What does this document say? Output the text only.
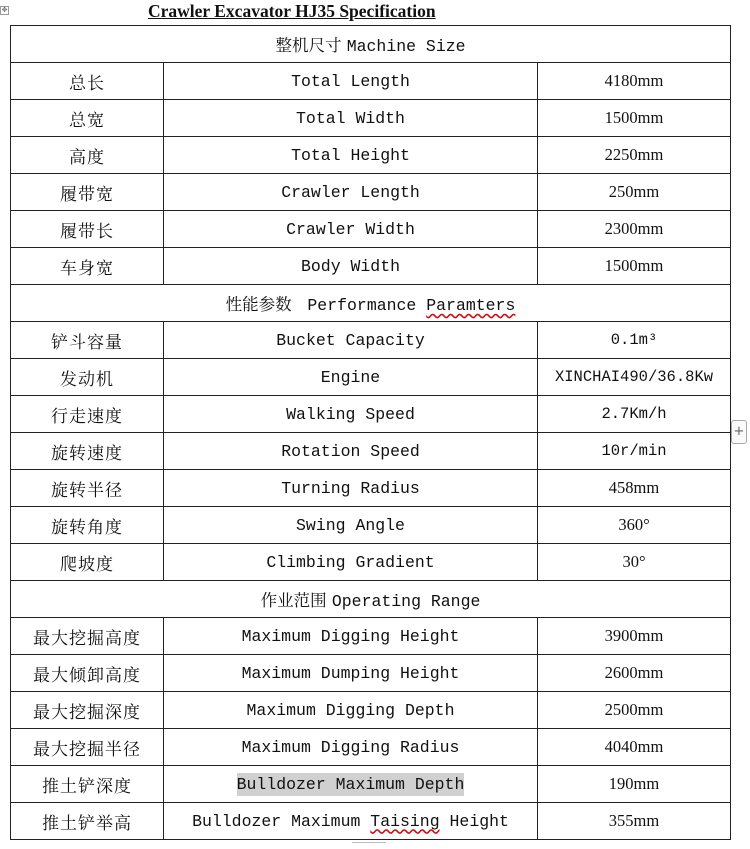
✥	Crawler Excavator HJ35 Specification
整机尺寸 Machine Size		
总长	Total Length	4180mm
总宽	Total Width	1500mm
高度	Total Height	2250mm
履带宽	Crawler Length	250mm
履带长	Crawler Width	2300mm
车身宽	Body Width	1500mm
性能参数 Performance Paramters		
铲斗容量	Bucket Capacity	0.1m³
发动机	Engine	XINCHAI490/36.8Kw
行走速度	Walking Speed	2.7Km/h
旋转速度	Rotation Speed	10r/min
旋转半径	Turning Radius	458mm
旋转角度	Swing Angle	360°
爬坡度	Climbing Gradient	30°
作业范围 Operating Range		
最大挖掘高度	Maximum Digging Height	3900mm
最大倾卸高度	Maximum Dumping Height	2600mm
最大挖掘深度	Maximum Digging Depth	2500mm
最大挖掘半径	Maximum Digging Radius	4040mm
推土铲深度	Bulldozer Maximum Depth	190mm
推土铲举高	Bulldozer Maximum Taising Height	355mm
+
